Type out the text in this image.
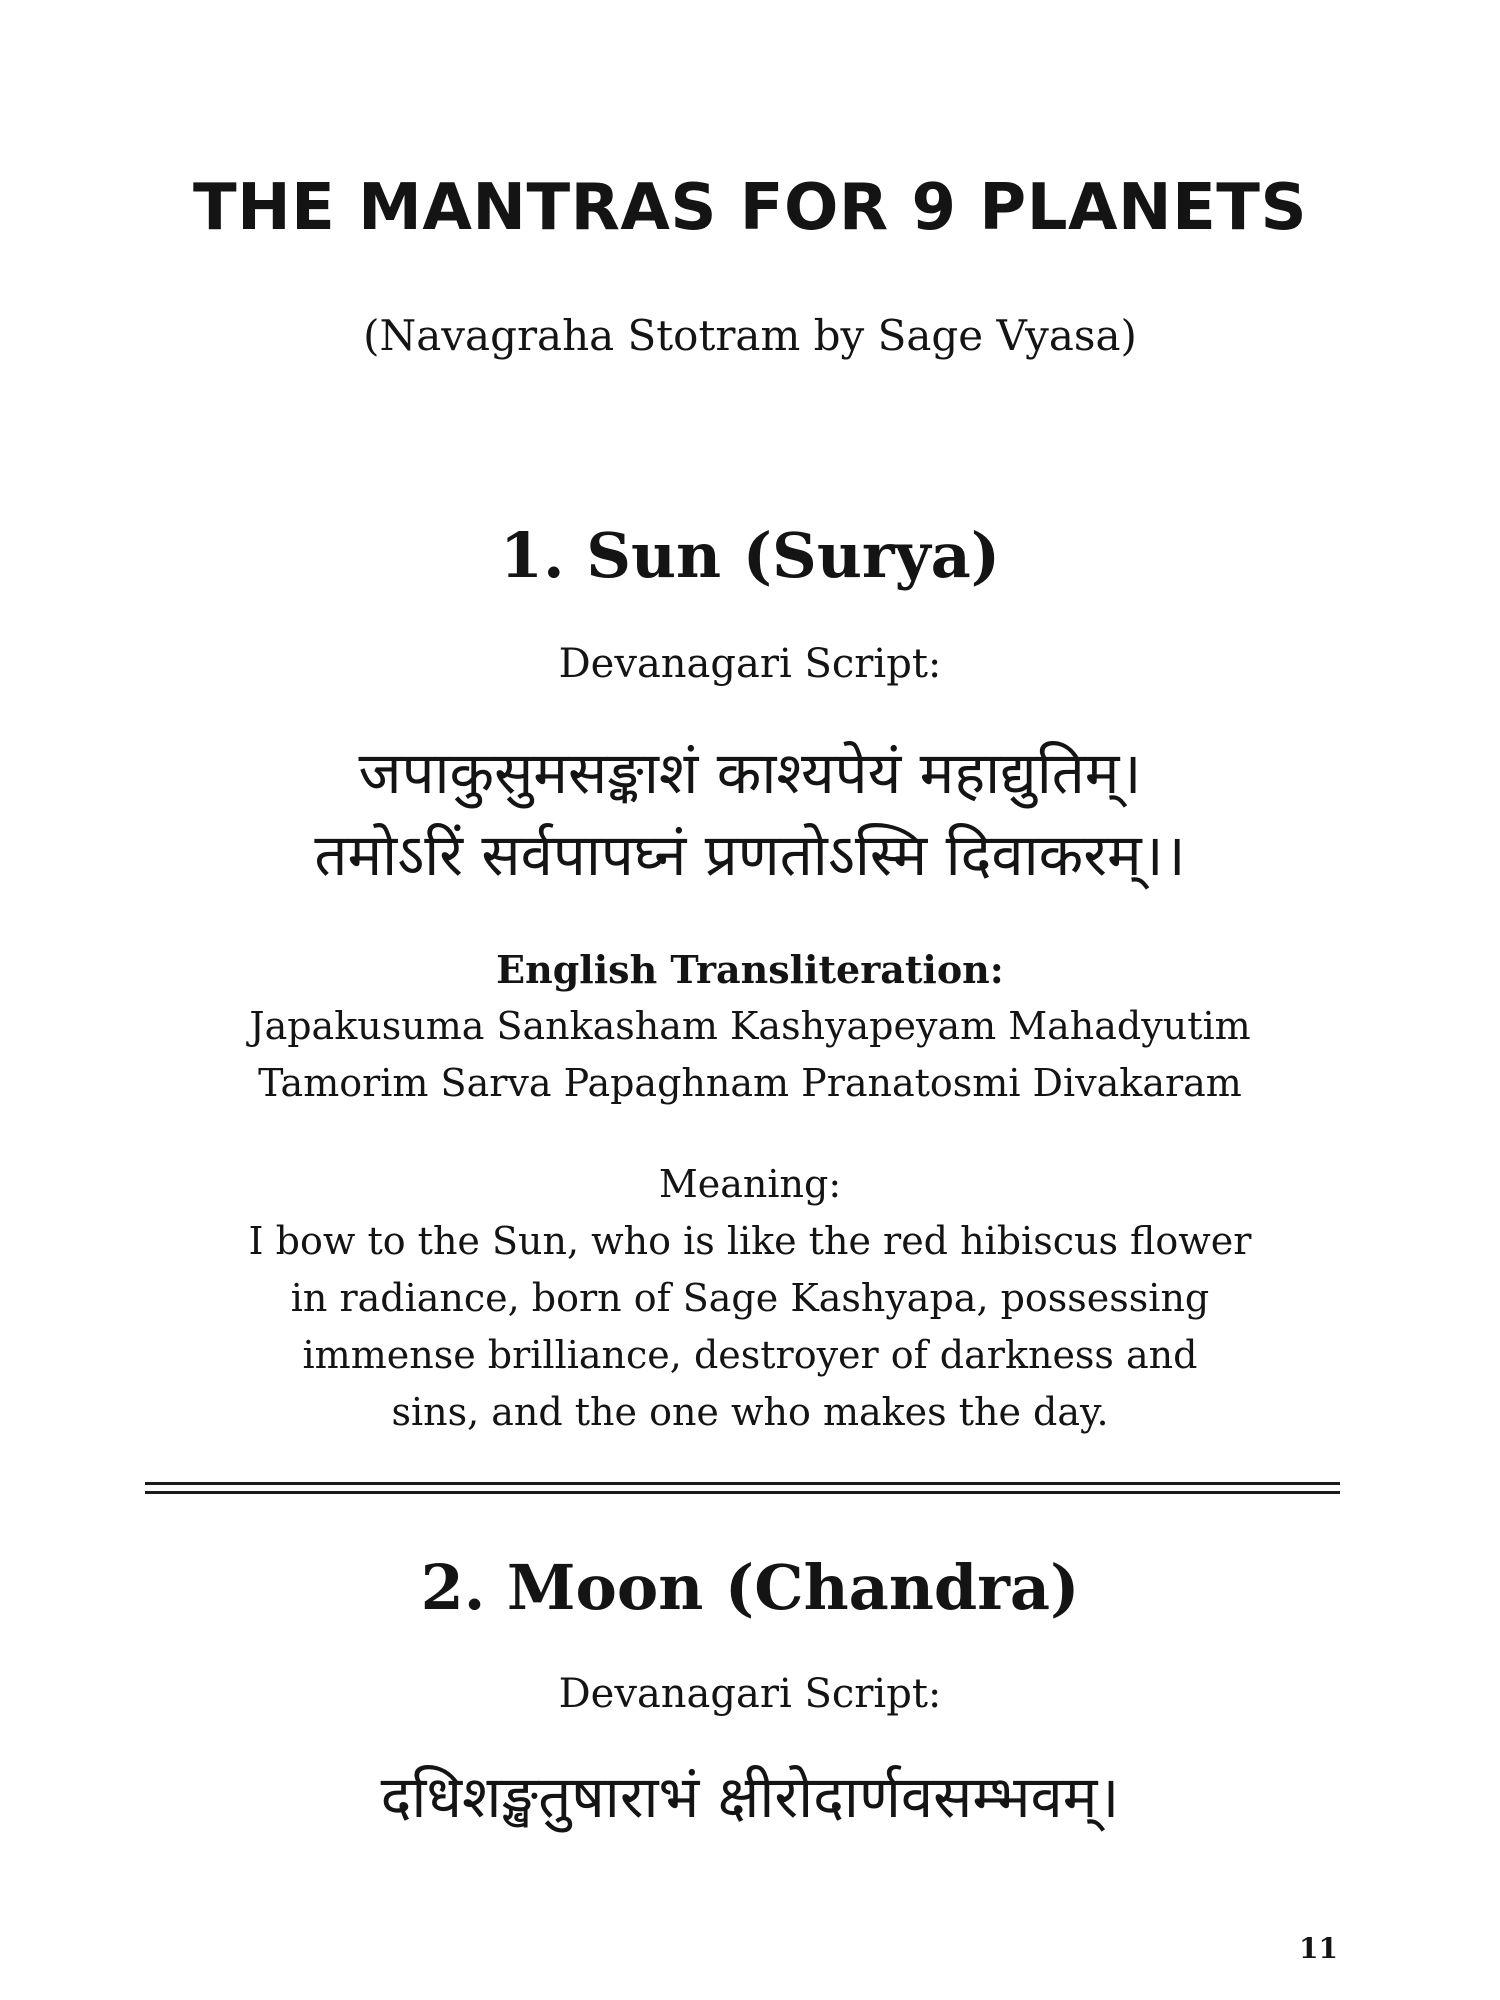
THE MANTRAS FOR 9 PLANETS

(Navagraha Stotram by Sage Vyasa)

1. Sun (Surya)

Devanagari Script:

जपाकुसुमसङ्काशं काश्यपेयं महाद्युतिम्।

तमोऽरिं सर्वपापघ्नं प्रणतोऽस्मि दिवाकरम्।।

English Transliteration:

Japakusuma Sankasham Kashyapeyam Mahadyutim

Tamorim Sarva Papaghnam Pranatosmi Divakaram

Meaning:

I bow to the Sun, who is like the red hibiscus flower

in radiance, born of Sage Kashyapa, possessing

immense brilliance, destroyer of darkness and

sins, and the one who makes the day.

2. Moon (Chandra)

Devanagari Script:

दधिशङ्खतुषाराभं क्षीरोदार्णवसम्भवम्।

11
